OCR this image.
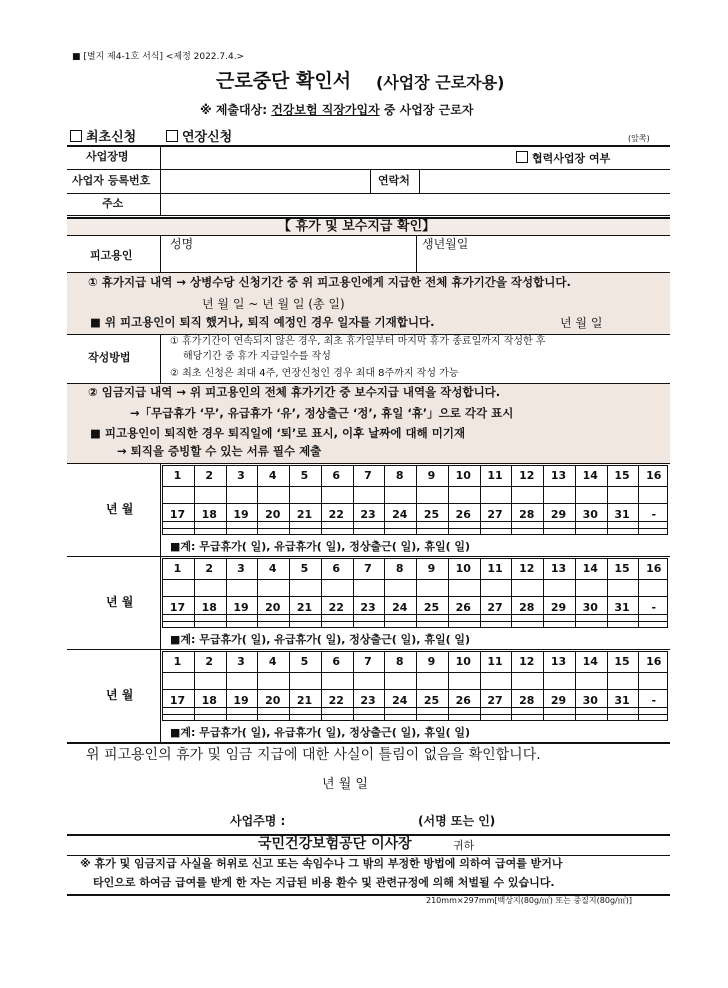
■ [별지 제4-1호 서식] <제정 2022.7.4.>
근로중단 확인서 (사업장 근로자용)
※ 제출대상: 건강보험 직장가입자 중 사업장 근로자
최초신청	연장신청	(앞쪽)
사업장명	협력사업장 여부
사업자 등록번호	연락처
주소
【 휴가 및 보수지급 확인】
피고용인
성명	생년월일
① 휴가지급 내역 → 상병수당 신청기간 중 위 피고용인에게 지급한 전체 휴가기간을 작성합니다.
년 월 일 ~ 년 월 일 (총 일)
■ 위 피고용인이 퇴직 했거나, 퇴직 예정인 경우 일자를 기재합니다.	년 월 일
작성방법
① 휴가기간이 연속되지 않은 경우, 최초 휴가일부터 마지막 휴가 종료일까지 작성한 후
해당기간 중 휴가 지급일수를 작성
② 최초 신청은 최대 4주, 연장신청인 경우 최대 8주까지 작성 가능
② 임금지급 내역 → 위 피고용인의 전체 휴가기간 중 보수지급 내역을 작성합니다.
→「무급휴가 ‘무’, 유급휴가 ‘유’, 정상출근 ‘정’, 휴일 ‘휴’」으로 각각 표시
■ 피고용인이 퇴직한 경우 퇴직일에 ‘퇴’로 표시, 이후 날짜에 대해 미기재
→ 퇴직을 증빙할 수 있는 서류 필수 제출
년 월
1	2	3	4	5	6	7	8	9	10	11	12	13	14	15	16
17	18	19	20	21	22	23	24	25	26	27	28	29	30	31	-
■계: 무급휴가( 일), 유급휴가( 일), 정상출근( 일), 휴일( 일)
년 월
1	2	3	4	5	6	7	8	9	10	11	12	13	14	15	16
17	18	19	20	21	22	23	24	25	26	27	28	29	30	31	-
■계: 무급휴가( 일), 유급휴가( 일), 정상출근( 일), 휴일( 일)
년 월
1	2	3	4	5	6	7	8	9	10	11	12	13	14	15	16
17	18	19	20	21	22	23	24	25	26	27	28	29	30	31	-
■계: 무급휴가( 일), 유급휴가( 일), 정상출근( 일), 휴일( 일)
위 피고용인의 휴가 및 임금 지급에 대한 사실이 틀림이 없음을 확인합니다.
년 월 일
사업주명 :	(서명 또는 인)
국민건강보험공단 이사장	귀하
※ 휴가 및 임금지급 사실을 허위로 신고 또는 속임수나 그 밖의 부정한 방법에 의하여 급여를 받거나
타인으로 하여금 급여를 받게 한 자는 지급된 비용 환수 및 관련규정에 의해 처벌될 수 있습니다.
210mm×297mm[백상지(80g/㎡) 또는 중질지(80g/㎡)]
